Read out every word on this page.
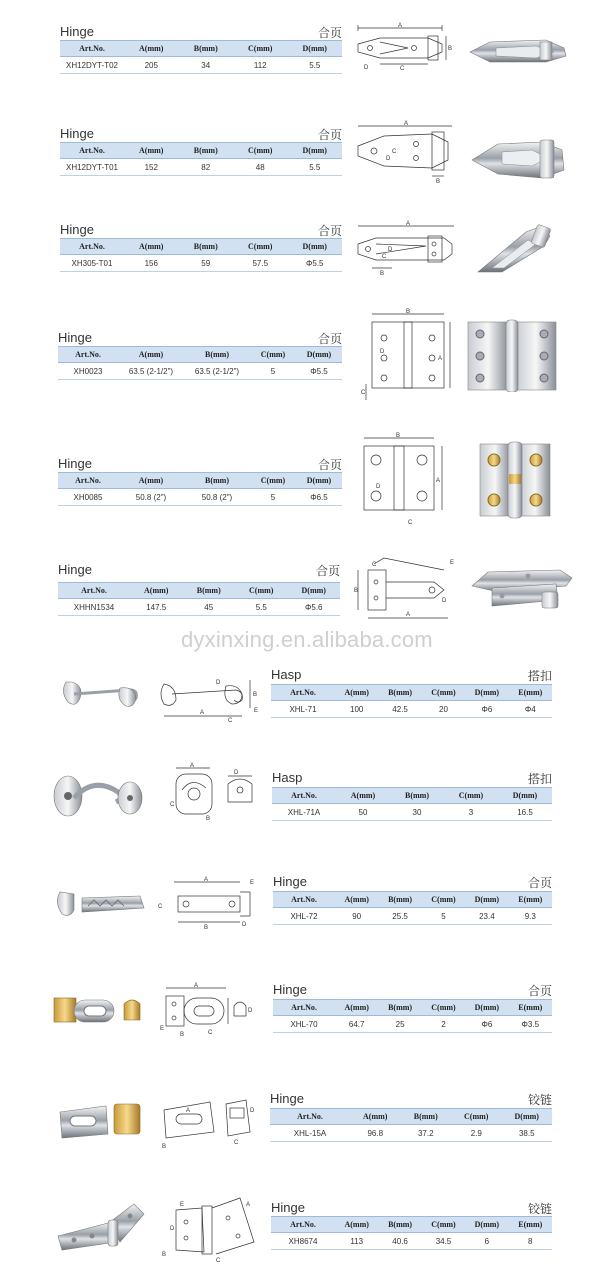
Hinge	合页
Art.No.	A(mm)	B(mm)	C(mm)	D(mm)
XH12DYT-T02	205	34	112	5.5
Hinge	合页
Art.No.	A(mm)	B(mm)	C(mm)	D(mm)
XH12DYT-T01	152	82	48	5.5
Hinge	合页
Art.No.	A(mm)	B(mm)	C(mm)	D(mm)
XH305-T01	156	59	57.5	Φ5.5
Hinge	合页
Art.No.	A(mm)	B(mm)	C(mm)	D(mm)
XH0023	63.5 (2-1/2")	63.5 (2-1/2")	5	Φ5.5
Hinge	合页
Art.No.	A(mm)	B(mm)	C(mm)	D(mm)
XH0085	50.8 (2")	50.8 (2")	5	Φ6.5
Hinge	合页
Art.No.	A(mm)	B(mm)	C(mm)	D(mm)
XHHN1534	147.5	45	5.5	Φ5.6
dyxinxing.en.alibaba.com
Hasp	搭扣
Art.No.	A(mm)	B(mm)	C(mm)	D(mm)	E(mm)
XHL-71	100	42.5	20	Φ6	Φ4
Hasp	搭扣
Art.No.	A(mm)	B(mm)	C(mm)	D(mm)
XHL-71A	50	30	3	16.5
Hinge	合页
Art.No.	A(mm)	B(mm)	C(mm)	D(mm)	E(mm)
XHL-72	90	25.5	5	23.4	9.3
Hinge	合页
Art.No.	A(mm)	B(mm)	C(mm)	D(mm)	E(mm)
XHL-70	64.7	25	2	Φ6	Φ3.5
Hinge	铰链
Art.No.	A(mm)	B(mm)	C(mm)	D(mm)
XHL-15A	96.8	37.2	2.9	38.5
Hinge	铰链
Art.No.	A(mm)	B(mm)	C(mm)	D(mm)	E(mm)
XH8674	113	40.6	34.5	6	8
A
B
C
D
A
C
D
B
A
C
D
B
B
D
A
C
B
D
A
C
E
B
A
C
D
A
B
C
D
E
A
C
D
B
A	E
C
B	D
A
E
B
D
C
A
B
C
D
E
D
B
C
A
